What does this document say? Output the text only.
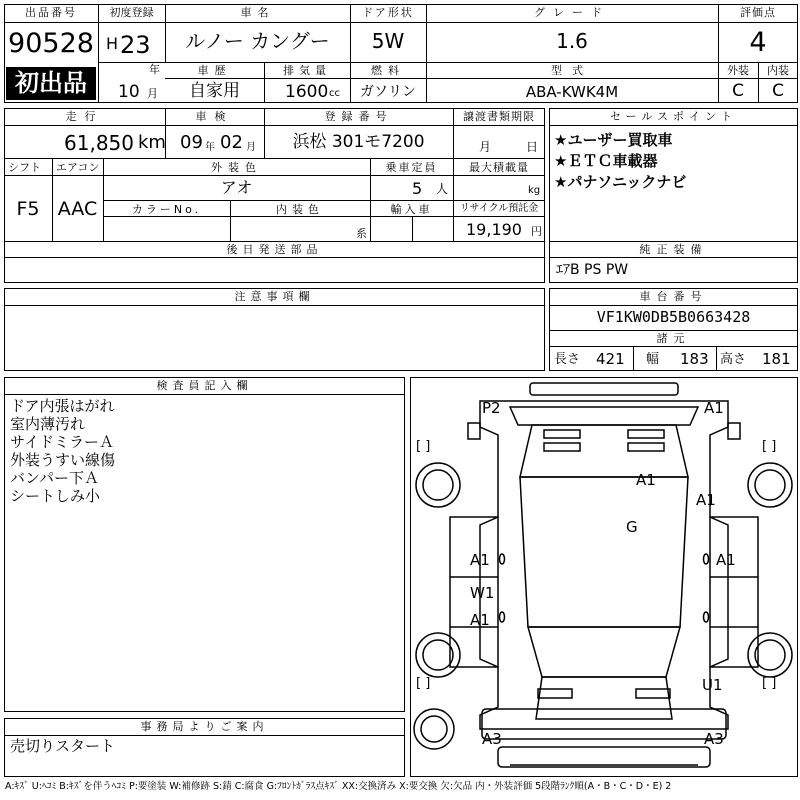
出品番号
90528
初出品
初度登録
H 23
年
10 月
車名
ルノー カングー
ドア形状
5W
グレード
1.6
車歴
自家用
排気量
1600 cc
燃料
ガソリン
型式
ABA-KWK4M
評価点
4
外装	内装
C	C
走行
61,850 km
車検
09 年 02 月
登録番号
浜松 301モ7200
譲渡書類期限
月	日
シフト
F5
エアコン
AAC
外装色
アオ
乗車定員
5 人
最大積載量
kg
カラーNo.	内装色
系
輸入車	リサイクル預託金
19,190 円
後日発送部品
セールスポイント
★ユーザー買取車
★ＥＴＣ車載器
★パナソニックナビ
純正装備
ｴｱB PS PW
注意事項欄	車台番号
VF1KW0DB5B0663428
諸元
長さ 421 幅 183 高さ 181
検査員記入欄
ドア内張はがれ
室内薄汚れ
サイドミラーＡ
外装うすい線傷
バンパー下Ａ
シートしみ小
事務局よりご案内
売切りスタート
[ ]	[ ]
[ ]	[ ]
P2	A1
A1
A1
G
A1	A1
W1
A1
U1
A3	A3
A:ｷｽﾞ U:ﾍｺﾐ B:ｷｽﾞを伴うﾍｺﾐ P:要塗装 W:補修跡 S:錆 C:腐食 G:ﾌﾛﾝﾄｶﾞﾗｽ点ｷｽﾞ XX:交換済み X:要交換 欠:欠品 内・外装評価 5段階ﾗﾝｸ順(A・B・C・D・E) 2
